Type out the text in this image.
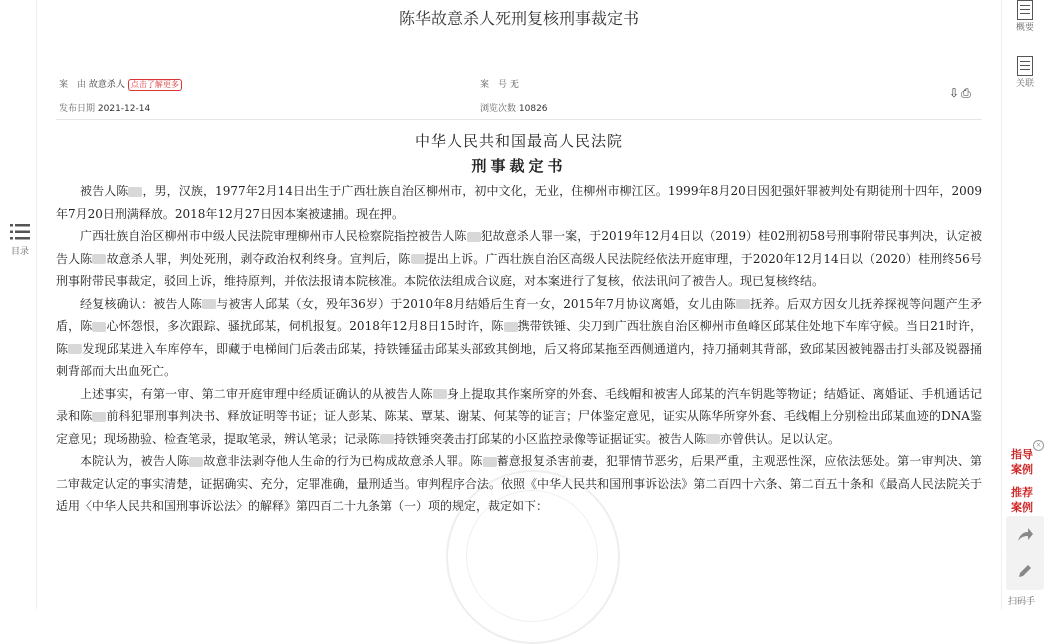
目录
陈华故意杀人死刑复核刑事裁定书
案　由 故意杀人 点击了解更多	案　号 无
发布日期 2021-12-14	浏览次数 10826
⇩ ⎙
中华人民共和国最高人民法院
刑事裁定书

被告人陈 ，男，汉族，1977年2月14日出生于广西壮族自治区柳州市，初中文化，无业，住柳州市柳江区。1999年8月20日因犯强奸罪被判处有期徒刑十四年，2009年7月20日刑满释放。2018年12月27日因本案被逮捕。现在押。

广西壮族自治区柳州市中级人民法院审理柳州市人民检察院指控被告人陈 犯故意杀人罪一案，于2019年12月4日以（2019）桂02刑初58号刑事附带民事判决，认定被告人陈 故意杀人罪，判处死刑，剥夺政治权利终身。宣判后，陈 提出上诉。广西壮族自治区高级人民法院经依法开庭审理，于2020年12月14日以（2020）桂刑终56号刑事附带民事裁定，驳回上诉，维持原判，并依法报请本院核准。本院依法组成合议庭，对本案进行了复核，依法讯问了被告人。现已复核终结。

经复核确认：被告人陈 与被害人邱某（女，殁年36岁）于2010年8月结婚后生育一女，2015年7月协议离婚，女儿由陈 抚养。后双方因女儿抚养探视等问题产生矛盾，陈 心怀怨恨，多次跟踪、骚扰邱某，伺机报复。2018年12月8日15时许，陈 携带铁锤、尖刀到广西壮族自治区柳州市鱼峰区邱某住处地下车库守候。当日21时许，陈 发现邱某进入车库停车，即藏于电梯间门后袭击邱某，持铁锤猛击邱某头部致其倒地，后又将邱某拖至西侧通道内，持刀捅刺其背部，致邱某因被钝器击打头部及锐器捅刺背部而大出血死亡。

上述事实，有第一审、第二审开庭审理中经质证确认的从被告人陈 身上提取其作案所穿的外套、毛线帽和被害人邱某的汽车钥匙等物证；结婚证、离婚证、手机通话记录和陈 前科犯罪刑事判决书、释放证明等书证；证人彭某、陈某、覃某、谢某、何某等的证言；尸体鉴定意见，证实从陈华所穿外套、毛线帽上分别检出邱某血迹的DNA鉴定意见；现场勘验、检查笔录，提取笔录，辨认笔录；记录陈 持铁锤突袭击打邱某的小区监控录像等证据证实。被告人陈 亦曾供认。足以认定。

本院认为，被告人陈 故意非法剥夺他人生命的行为已构成故意杀人罪。陈 蓄意报复杀害前妻，犯罪情节恶劣，后果严重，主观恶性深，应依法惩处。第一审判决、第二审裁定认定的事实清楚，证据确实、充分，定罪准确，量刑适当。审判程序合法。依照《中华人民共和国刑事诉讼法》第二百四十六条、第二百五十条和《最高人民法院关于适用〈中华人民共和国刑事诉讼法〉的解释》第四百二十九条第（一）项的规定，裁定如下：

概要
关联
×
指导案例
推荐案例
扫码手
